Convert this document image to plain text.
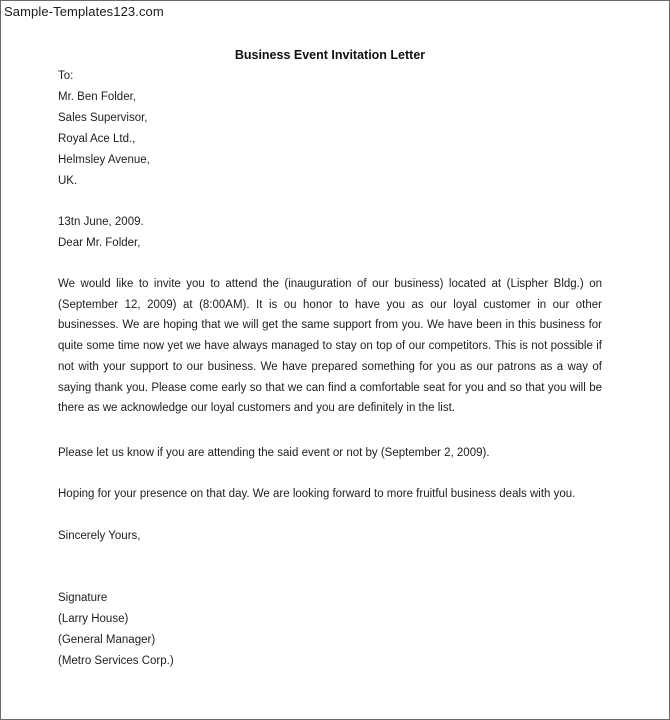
Sample-Templates123.com
Business Event Invitation Letter
To:
Mr. Ben Folder,
Sales Supervisor,
Royal Ace Ltd.,
Helmsley Avenue,
UK.
13tn June, 2009.
Dear Mr. Folder,
We would like to invite you to attend the (inauguration of our business) located at (Lispher Bldg.) on (September 12, 2009) at (8:00AM). It is ou honor to have you as our loyal customer in our other businesses. We are hoping that we will get the same support from you. We have been in this business for quite some time now yet we have always managed to stay on top of our competitors. This is not possible if not with your support to our business. We have prepared something for you as our patrons as a way of saying thank you. Please come early so that we can find a comfortable seat for you and so that you will be there as we acknowledge our loyal customers and you are definitely in the list.
Please let us know if you are attending the said event or not by (September 2, 2009).
Hoping for your presence on that day. We are looking forward to more fruitful business deals with you.
Sincerely Yours,
Signature
(Larry House)
(General Manager)
(Metro Services Corp.)
